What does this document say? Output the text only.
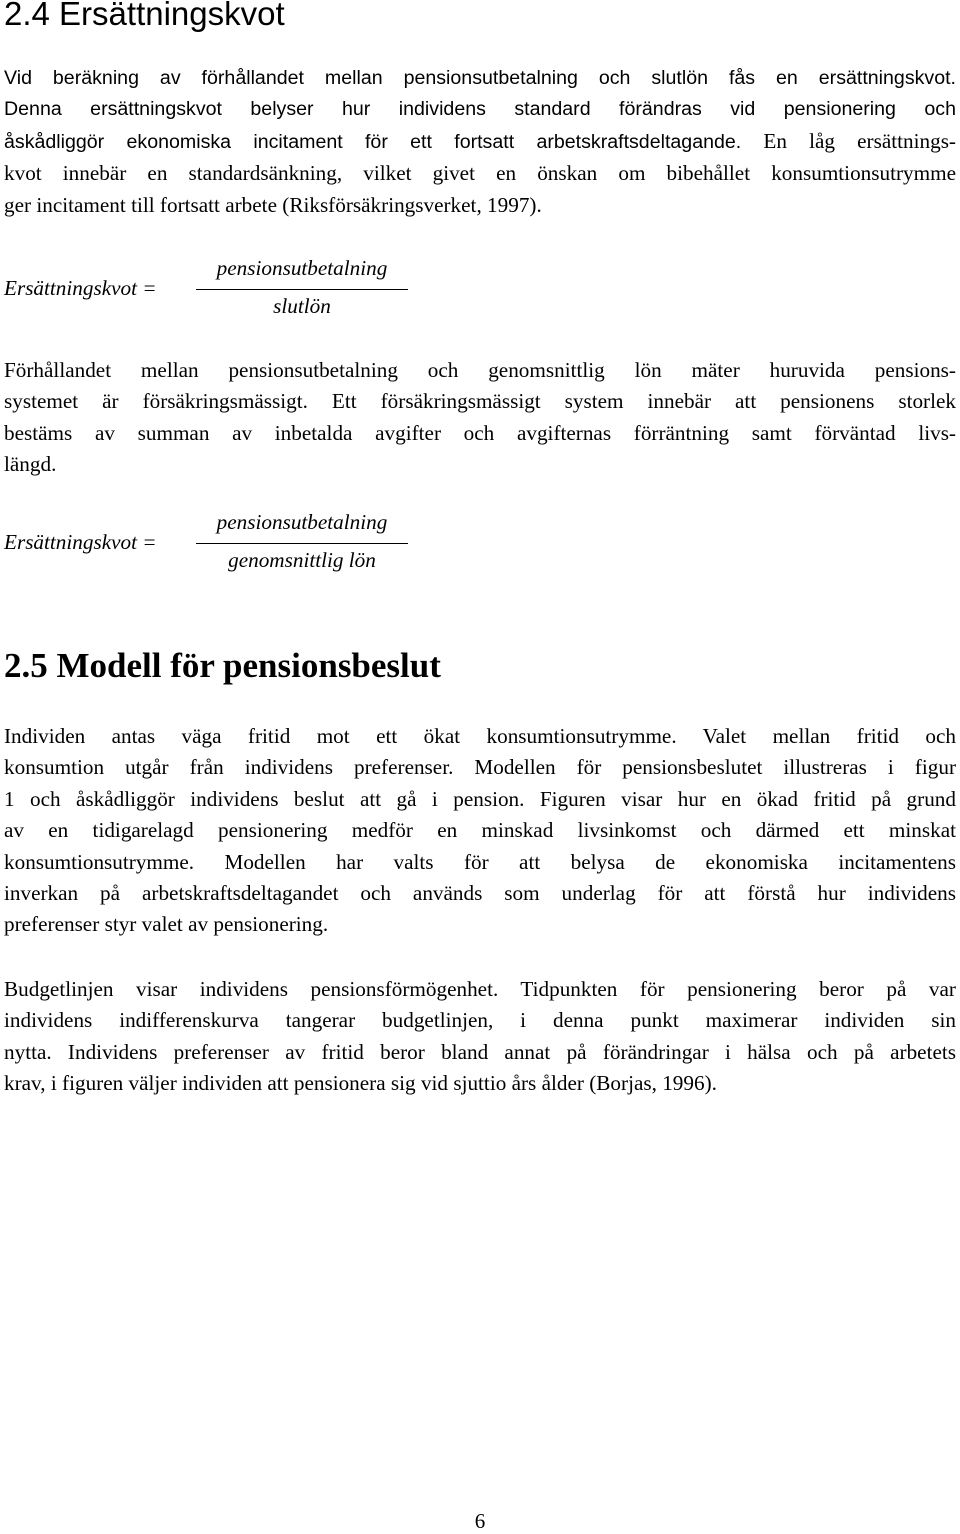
2.4 Ersättningskvot
Vid beräkning av förhållandet mellan pensionsutbetalning och slutlön fås en ersättningskvot.
Denna ersättningskvot belyser hur individens standard förändras vid pensionering och
åskådliggör ekonomiska incitament för ett fortsatt arbetskraftsdeltagande. En låg ersättnings-
kvot innebär en standardsänkning, vilket givet en önskan om bibehållet konsumtionsutrymme
ger incitament till fortsatt arbete (Riksförsäkringsverket, 1997).
Ersättningskvot =
pensionsutbetalning
slutlön
Förhållandet mellan pensionsutbetalning och genomsnittlig lön mäter huruvida pensions-
systemet är försäkringsmässigt. Ett försäkringsmässigt system innebär att pensionens storlek
bestäms av summan av inbetalda avgifter och avgifternas förräntning samt förväntad livs-
längd.
Ersättningskvot =
pensionsutbetalning
genomsnittlig lön
2.5 Modell för pensionsbeslut
Individen antas väga fritid mot ett ökat konsumtionsutrymme. Valet mellan fritid och
konsumtion utgår från individens preferenser. Modellen för pensionsbeslutet illustreras i figur
1 och åskådliggör individens beslut att gå i pension. Figuren visar hur en ökad fritid på grund
av en tidigarelagd pensionering medför en minskad livsinkomst och därmed ett minskat
konsumtionsutrymme. Modellen har valts för att belysa de ekonomiska incitamentens
inverkan på arbetskraftsdeltagandet och används som underlag för att förstå hur individens
preferenser styr valet av pensionering.
Budgetlinjen visar individens pensionsförmögenhet. Tidpunkten för pensionering beror på var
individens indifferenskurva tangerar budgetlinjen, i denna punkt maximerar individen sin
nytta. Individens preferenser av fritid beror bland annat på förändringar i hälsa och på arbetets
krav, i figuren väljer individen att pensionera sig vid sjuttio års ålder (Borjas, 1996).
6
